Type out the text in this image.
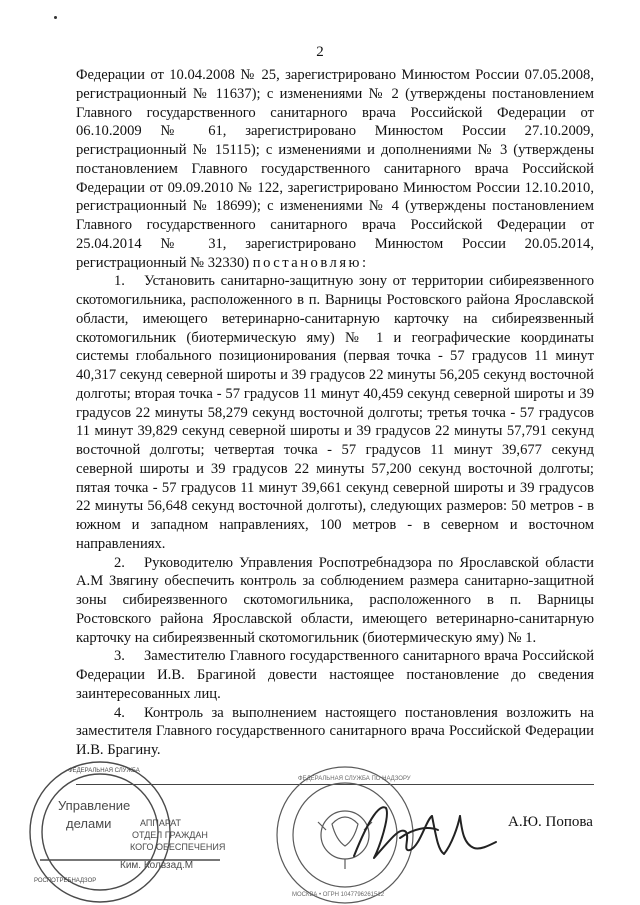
2

Федерации от 10.04.2008 № 25, зарегистрировано Минюстом России 07.05.2008, регистрационный № 11637); с изменениями № 2 (утверждены постановлением Главного государственного санитарного врача Российской Федерации от 06.10.2009 № 61, зарегистрировано Минюстом России 27.10.2009, регистрационный № 15115); с изменениями и дополнениями № 3 (утверждены постановлением Главного государственного санитарного врача Российской Федерации от 09.09.2010 № 122, зарегистрировано Минюстом России 12.10.2010, регистрационный № 18699); с изменениями № 4 (утверждены постановлением Главного государственного санитарного врача Российской Федерации от 25.04.2014 № 31, зарегистрировано Минюстом России 20.05.2014, регистрационный № 32330) постановляю:

1. Установить санитарно-защитную зону от территории сибиреязвенного скотомогильника, расположенного в п. Варницы Ростовского района Ярославской области, имеющего ветеринарно-санитарную карточку на сибиреязвенный скотомогильник (биотермическую яму) № 1 и географические координаты системы глобального позиционирования (первая точка - 57 градусов 11 минут 40,317 секунд северной широты и 39 градусов 22 минуты 56,205 секунд восточной долготы; вторая точка - 57 градусов 11 минут 40,459 секунд северной широты и 39 градусов 22 минуты 58,279 секунд восточной долготы; третья точка - 57 градусов 11 минут 39,829 секунд северной широты и 39 градусов 22 минуты 57,791 секунд восточной долготы; четвертая точка - 57 градусов 11 минут 39,677 секунд северной широты и 39 градусов 22 минуты 57,200 секунд восточной долготы; пятая точка - 57 градусов 11 минут 39,661 секунд северной широты и 39 градусов 22 минуты 56,648 секунд восточной долготы), следующих размеров: 50 метров - в южном и западном направлениях, 100 метров - в северном и восточном направлениях.

2. Руководителю Управления Роспотребнадзора по Ярославской области А.М Звягину обеспечить контроль за соблюдением размера санитарно-защитной зоны сибиреязвенного скотомогильника, расположенного в п. Варницы Ростовского района Ярославской области, имеющего ветеринарно-санитарную карточку на сибиреязвенный скотомогильник (биотермическую яму) № 1.

3. Заместителю Главного государственного санитарного врача Российской Федерации И.В. Брагиной довести настоящее постановление до сведения заинтересованных лиц.

4. Контроль за выполнением настоящего постановления возложить на заместителя Главного государственного санитарного врача Российской Федерации И.В. Брагину.

Управление
делами	АППАРАТ
ОТДЕЛ ГРАЖДАН
КОГО ОБЕСПЕЧЕНИЯ
Ким. Колвзад.М
ФЕДЕРАЛЬНАЯ СЛУЖБА
РОСПОТРЕБНАДЗОР
ФЕДЕРАЛЬНАЯ СЛУЖБА ПО НАДЗОРУ
МОСКВА • ОГРН 1047796261512
А.Ю. Попова
